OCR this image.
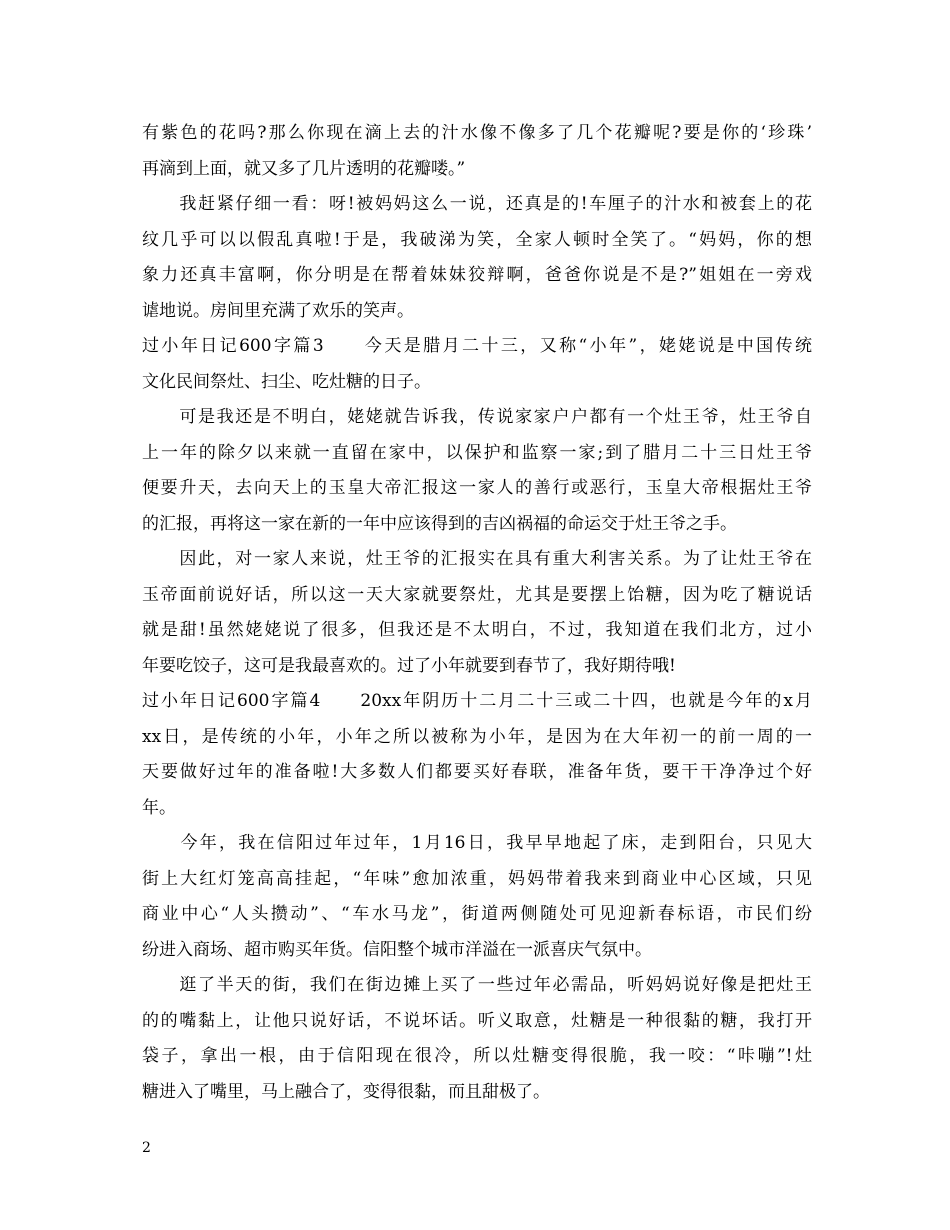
有紫色的花吗?那么你现在滴上去的汁水像不像多了几个花瓣呢?要是你的‘珍珠’
再滴到上面，就又多了几片透明的花瓣喽。”
　　我赶紧仔细一看：呀!被妈妈这么一说，还真是的!车厘子的汁水和被套上的花
纹几乎可以以假乱真啦!于是，我破涕为笑，全家人顿时全笑了。“妈妈，你的想
象力还真丰富啊，你分明是在帮着妹妹狡辩啊，爸爸你说是不是?”姐姐在一旁戏
谑地说。房间里充满了欢乐的笑声。
过小年日记600字篇3　　今天是腊月二十三，又称“小年”，姥姥说是中国传统
文化民间祭灶、扫尘、吃灶糖的日子。
　　可是我还是不明白，姥姥就告诉我，传说家家户户都有一个灶王爷，灶王爷自
上一年的除夕以来就一直留在家中，以保护和监察一家;到了腊月二十三日灶王爷
便要升天，去向天上的玉皇大帝汇报这一家人的善行或恶行，玉皇大帝根据灶王爷
的汇报，再将这一家在新的一年中应该得到的吉凶祸福的命运交于灶王爷之手。
　　因此，对一家人来说，灶王爷的汇报实在具有重大利害关系。为了让灶王爷在
玉帝面前说好话，所以这一天大家就要祭灶，尤其是要摆上饴糖，因为吃了糖说话
就是甜!虽然姥姥说了很多，但我还是不太明白，不过，我知道在我们北方，过小
年要吃饺子，这可是我最喜欢的。过了小年就要到春节了，我好期待哦!
过小年日记600字篇4　　20xx年阴历十二月二十三或二十四，也就是今年的x月
xx日，是传统的小年，小年之所以被称为小年，是因为在大年初一的前一周的一
天要做好过年的准备啦!大多数人们都要买好春联，准备年货，要干干净净过个好
年。
　　今年，我在信阳过年过年，1月16日，我早早地起了床，走到阳台，只见大
街上大红灯笼高高挂起，“年味”愈加浓重，妈妈带着我来到商业中心区域，只见
商业中心“人头攒动”、“车水马龙”，街道两侧随处可见迎新春标语，市民们纷
纷进入商场、超市购买年货。信阳整个城市洋溢在一派喜庆气氛中。
　　逛了半天的街，我们在街边摊上买了一些过年必需品，听妈妈说好像是把灶王
的的嘴黏上，让他只说好话，不说坏话。听义取意，灶糖是一种很黏的糖，我打开
袋子，拿出一根，由于信阳现在很冷，所以灶糖变得很脆，我一咬：“咔嘣”!灶
糖进入了嘴里，马上融合了，变得很黏，而且甜极了。
2
